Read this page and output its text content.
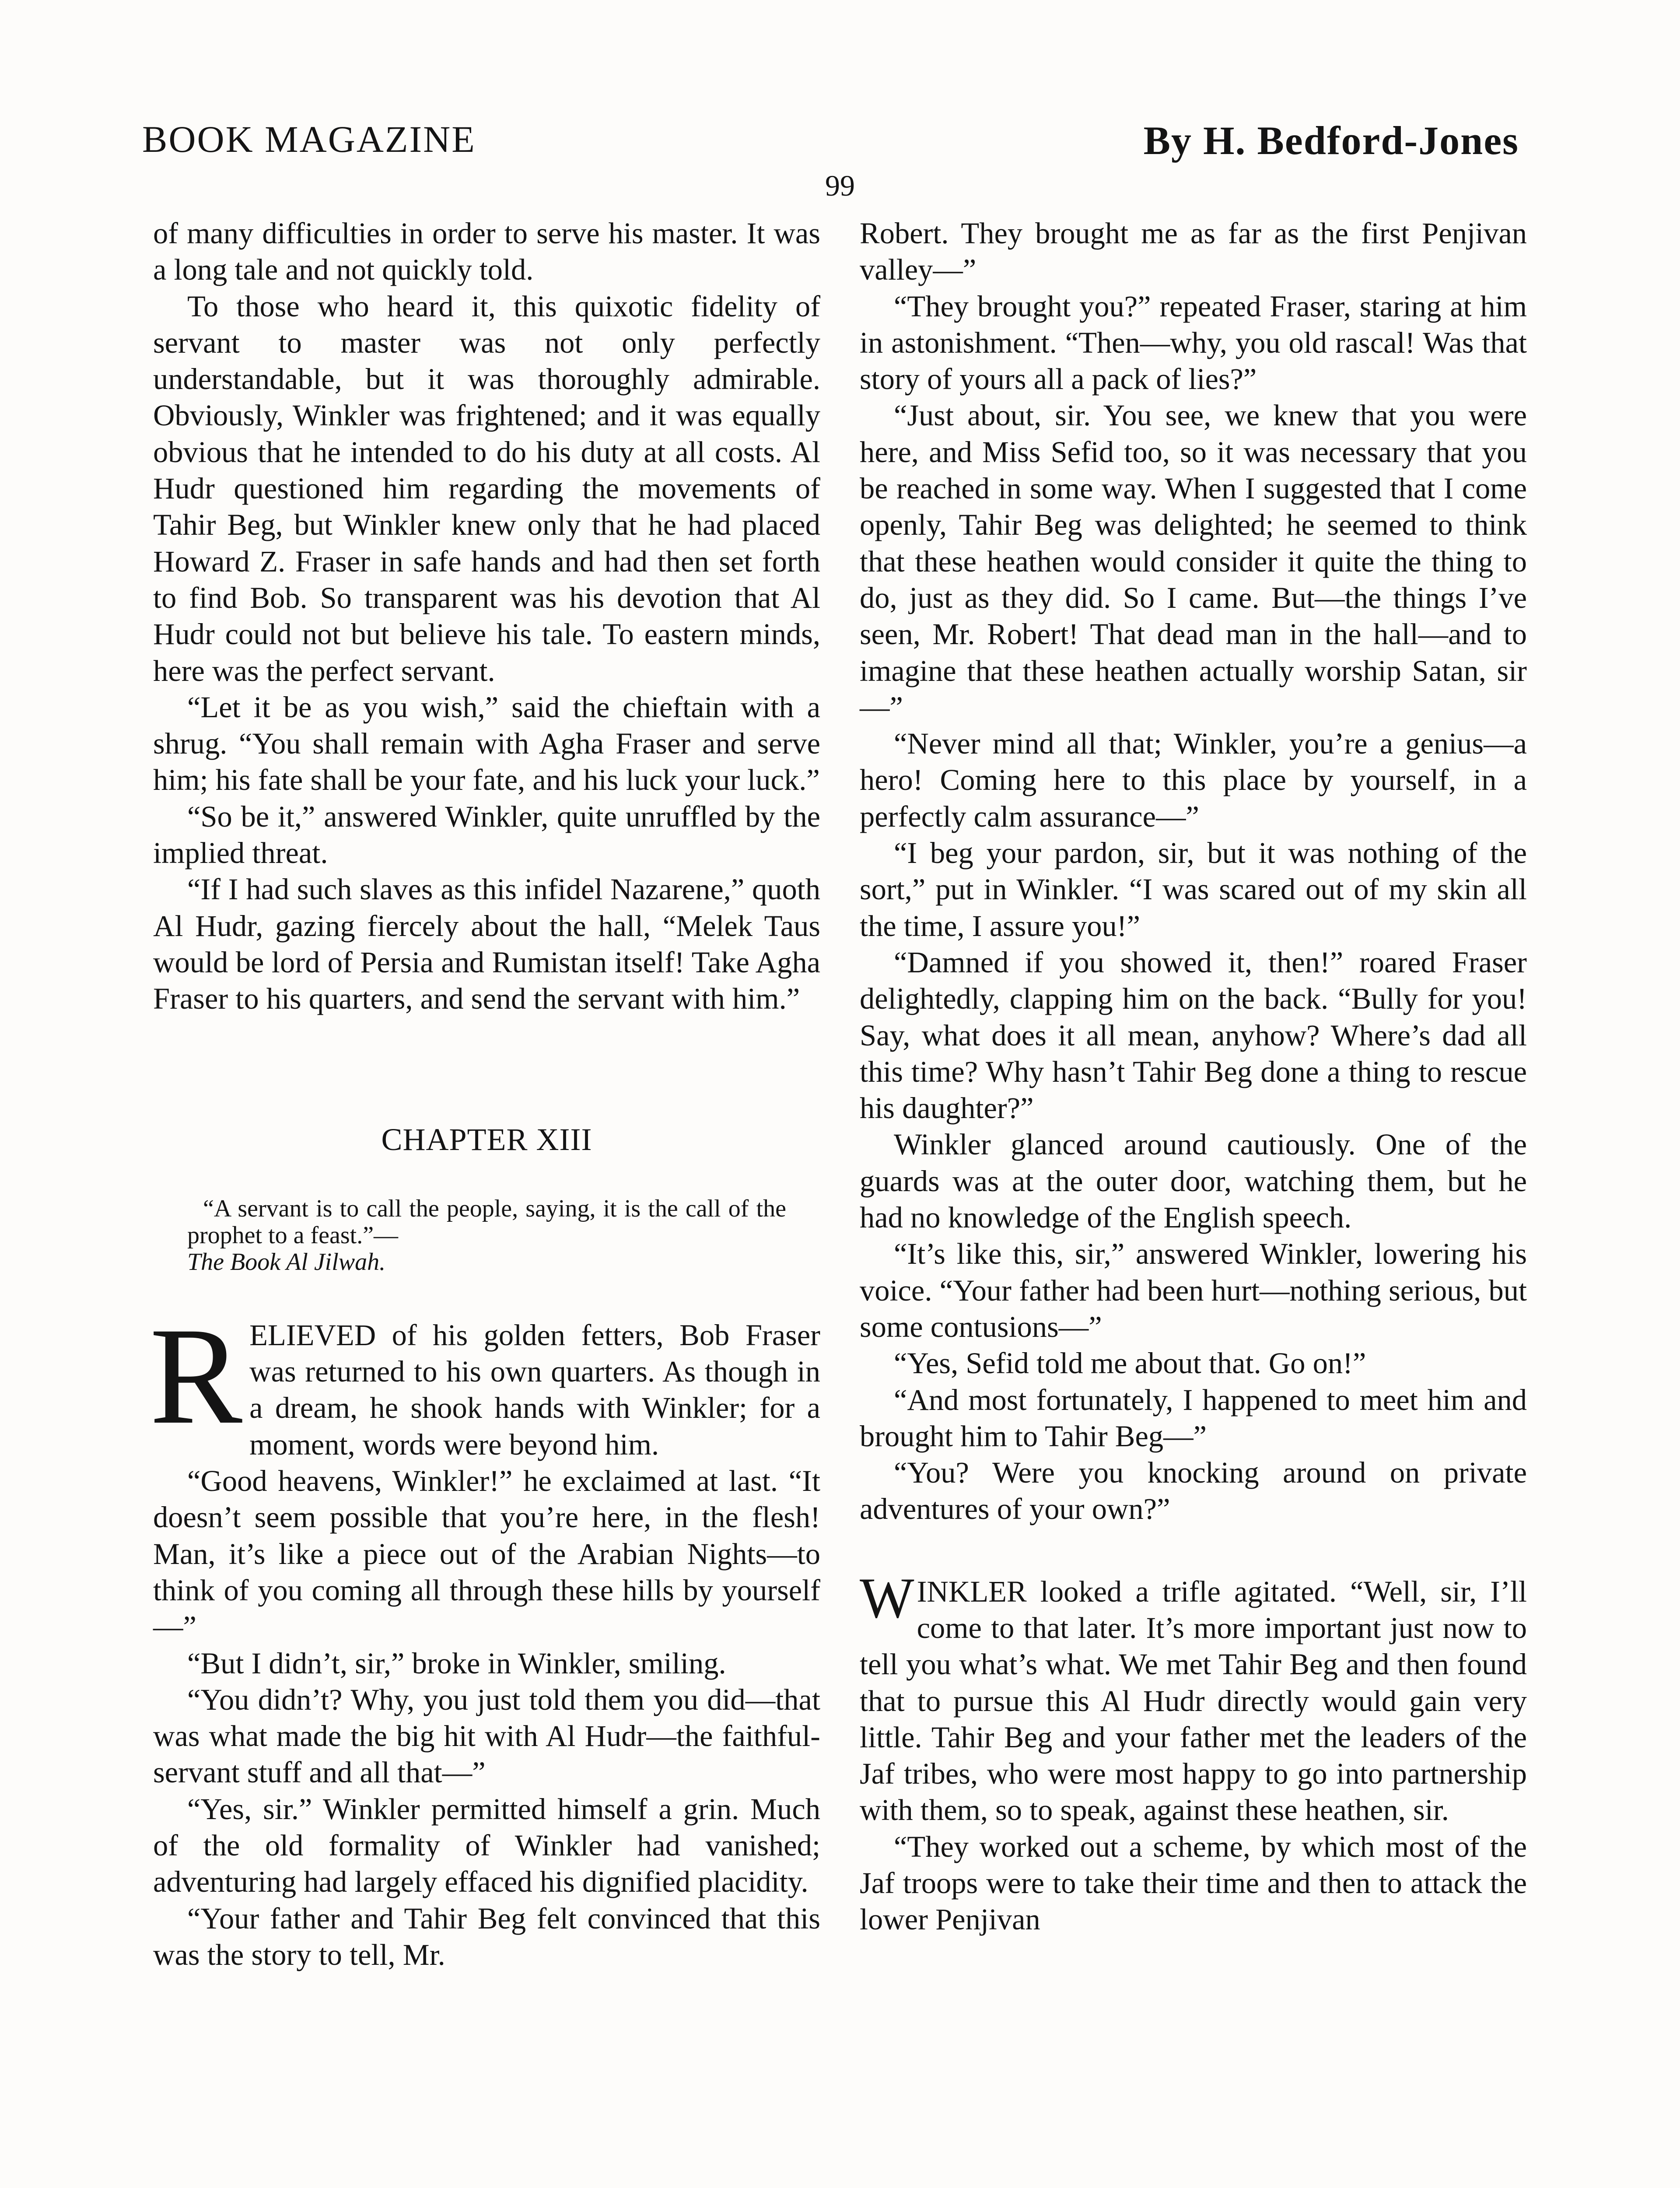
BOOK MAGAZINE	By H. Bedford-Jones
99

of many difficulties in order to serve his master. It was a long tale and not quickly told.

To those who heard it, this quixotic fidelity of servant to master was not only perfectly understandable, but it was thoroughly admirable. Obviously, Winkler was frightened; and it was equally obvious that he intended to do his duty at all costs. Al Hudr questioned him regarding the movements of Tahir Beg, but Winkler knew only that he had placed Howard Z. Fraser in safe hands and had then set forth to find Bob. So transparent was his devotion that Al Hudr could not but believe his tale. To eastern minds, here was the perfect servant.

“Let it be as you wish,” said the chieftain with a shrug. “You shall remain with Agha Fraser and serve him; his fate shall be your fate, and his luck your luck.”

“So be it,” answered Winkler, quite unruffled by the implied threat.

“If I had such slaves as this infidel Nazarene,” quoth Al Hudr, gazing fiercely about the hall, “Melek Taus would be lord of Persia and Rumistan itself! Take Agha Fraser to his quarters, and send the servant with him.”

CHAPTER XIII

“A servant is to call the people, saying, it is the call of the prophet to a feast.”—
The Book Al Jilwah.

RELIEVED of his golden fetters, Bob Fraser was returned to his own quarters. As though in a dream, he shook hands with Winkler; for a moment, words were beyond him.

“Good heavens, Winkler!” he exclaimed at last. “It doesn’t seem possible that you’re here, in the flesh! Man, it’s like a piece out of the Arabian Nights—to think of you coming all through these hills by yourself—”

“But I didn’t, sir,” broke in Winkler, smiling.

“You didn’t? Why, you just told them you did—that was what made the big hit with Al Hudr—the faithful-servant stuff and all that—”

“Yes, sir.” Winkler permitted himself a grin. Much of the old formality of Winkler had vanished; adventuring had largely effaced his dignified placidity.

“Your father and Tahir Beg felt convinced that this was the story to tell, Mr.

Robert. They brought me as far as the first Penjivan valley—”

“They brought you?” repeated Fraser, staring at him in astonishment. “Then—why, you old rascal! Was that story of yours all a pack of lies?”

“Just about, sir. You see, we knew that you were here, and Miss Sefid too, so it was necessary that you be reached in some way. When I suggested that I come openly, Tahir Beg was delighted; he seemed to think that these heathen would consider it quite the thing to do, just as they did. So I came. But—the things I’ve seen, Mr. Robert! That dead man in the hall—and to imagine that these heathen actually worship Satan, sir—”

“Never mind all that; Winkler, you’re a genius—a hero! Coming here to this place by yourself, in a perfectly calm assurance—”

“I beg your pardon, sir, but it was nothing of the sort,” put in Winkler. “I was scared out of my skin all the time, I assure you!”

“Damned if you showed it, then!” roared Fraser delightedly, clapping him on the back. “Bully for you! Say, what does it all mean, anyhow? Where’s dad all this time? Why hasn’t Tahir Beg done a thing to rescue his daughter?”

Winkler glanced around cautiously. One of the guards was at the outer door, watching them, but he had no knowledge of the English speech.

“It’s like this, sir,” answered Winkler, lowering his voice. “Your father had been hurt—nothing serious, but some contusions—”

“Yes, Sefid told me about that. Go on!”

“And most fortunately, I happened to meet him and brought him to Tahir Beg—”

“You? Were you knocking around on private adventures of your own?”

WINKLER looked a trifle agitated. “Well, sir, I’ll come to that later. It’s more important just now to tell you what’s what. We met Tahir Beg and then found that to pursue this Al Hudr directly would gain very little. Tahir Beg and your father met the leaders of the Jaf tribes, who were most happy to go into partnership with them, so to speak, against these heathen, sir.

“They worked out a scheme, by which most of the Jaf troops were to take their time and then to attack the lower Penjivan
